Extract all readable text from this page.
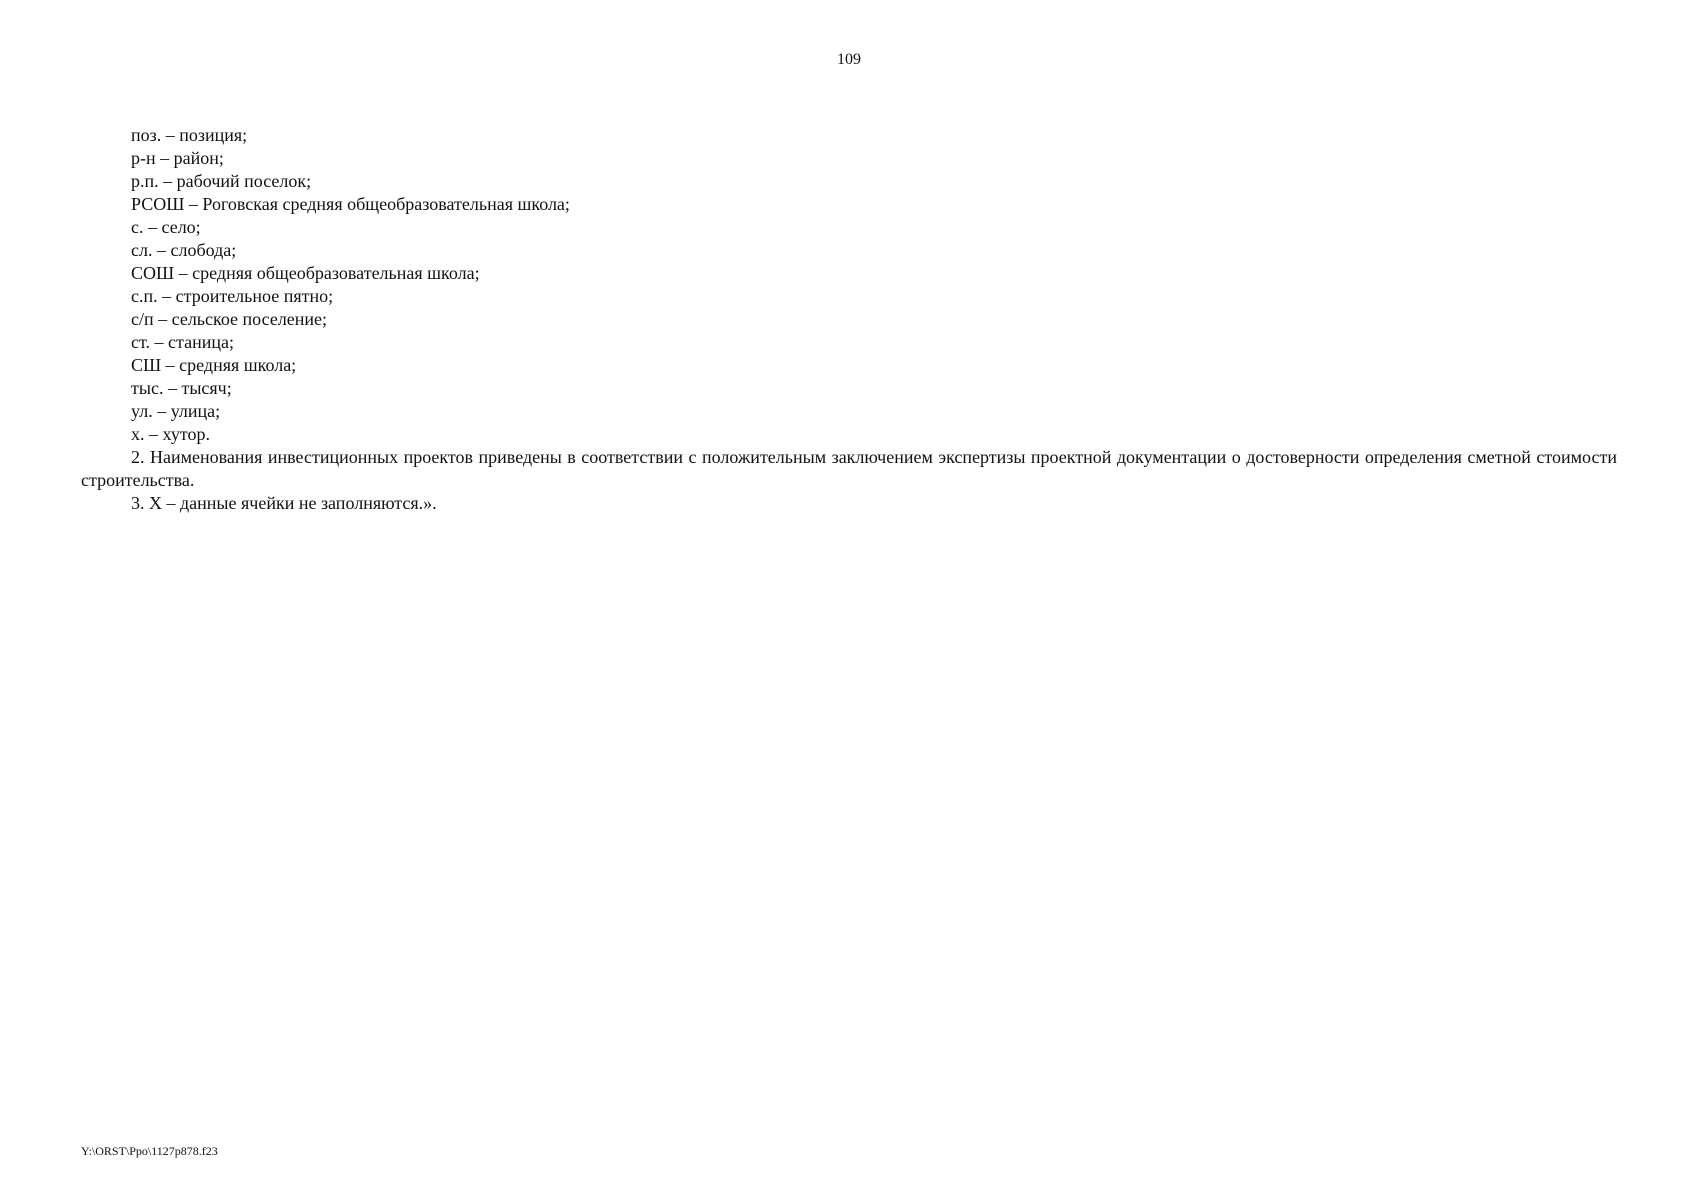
109
поз. – позиция;
р-н – район;
р.п. – рабочий поселок;
РСОШ – Роговская средняя общеобразовательная школа;
с. – село;
сл. – слобода;
СОШ – средняя общеобразовательная школа;
с.п. – строительное пятно;
с/п – сельское поселение;
ст. – станица;
СШ – средняя школа;
тыс. – тысяч;
ул. – улица;
х. – хутор.

2. Наименования инвестиционных проектов приведены в соответствии с положительным заключением экспертизы проектной документации о достоверности определения сметной стоимости строительства.

3. Х – данные ячейки не заполняются.».

Y:\ORST\Ppo\1127p878.f23
